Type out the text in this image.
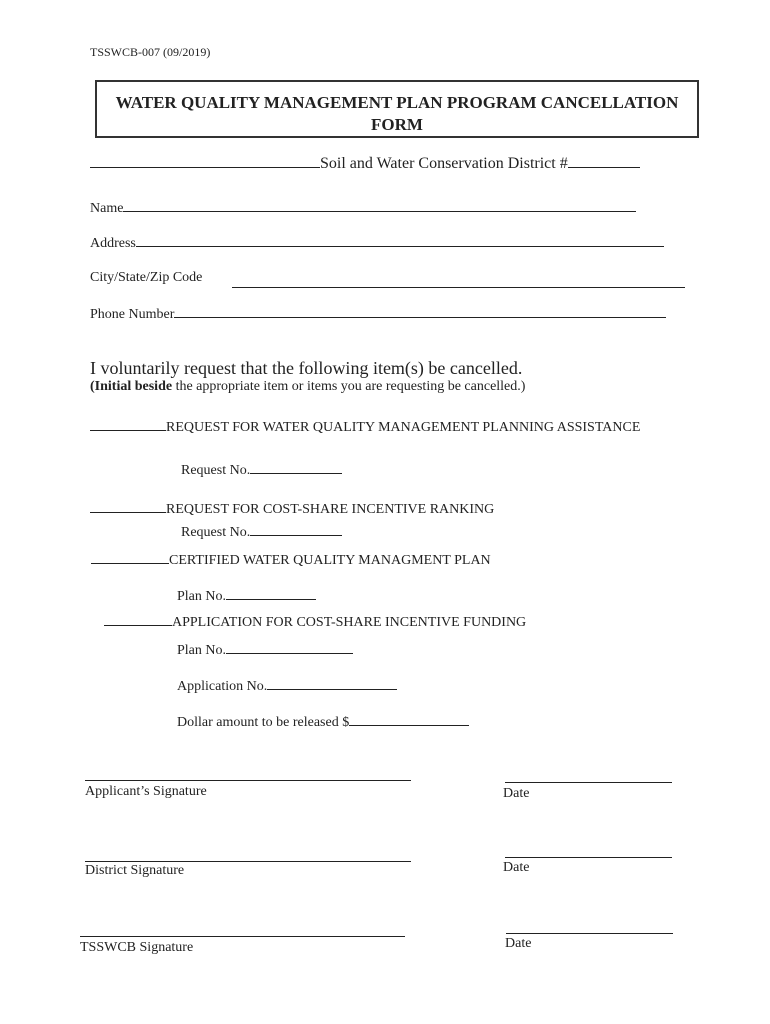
TSSWCB-007 (09/2019)
WATER QUALITY MANAGEMENT PLAN PROGRAM CANCELLATION
FORM
Soil and Water Conservation District #
Name
Address
City/State/Zip Code
Phone Number
I voluntarily request that the following item(s) be cancelled.
(Initial beside the appropriate item or items you are requesting be cancelled.)
REQUEST FOR WATER QUALITY MANAGEMENT PLANNING ASSISTANCE
Request No.
REQUEST FOR COST-SHARE INCENTIVE RANKING
Request No.
CERTIFIED WATER QUALITY MANAGMENT PLAN
Plan No.
APPLICATION FOR COST-SHARE INCENTIVE FUNDING
Plan No.
Application No.
Dollar amount to be released $
Applicant’s Signature	Date
District Signature	Date
TSSWCB Signature	Date
